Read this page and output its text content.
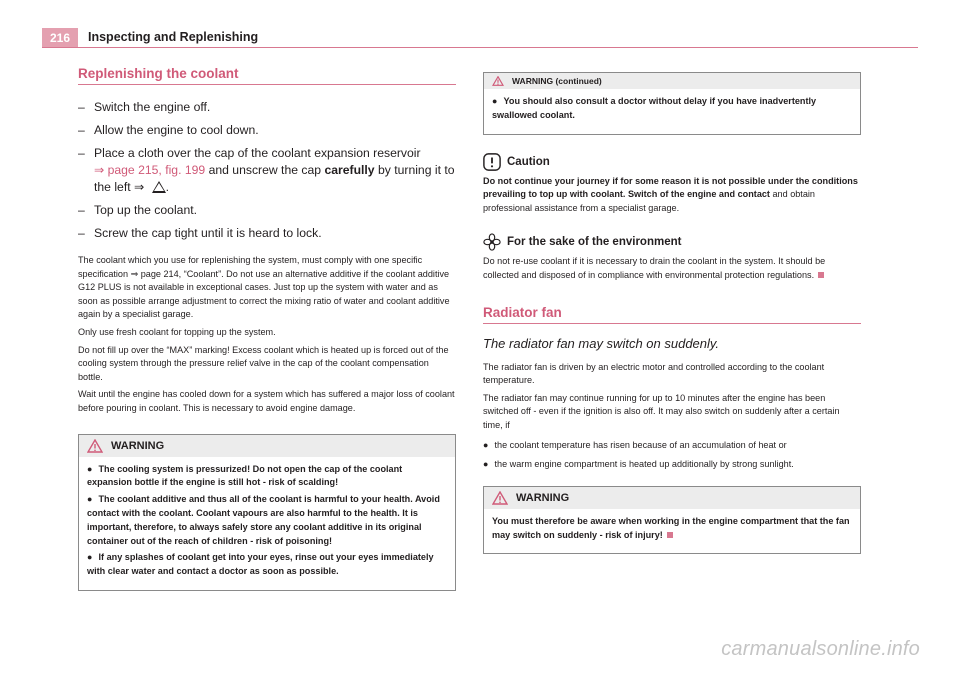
216	Inspecting and Replenishing
Replenishing the coolant
– Switch the engine off.
– Allow the engine to cool down.
– Place a cloth over the cap of the coolant expansion reservoir
⇒ page 215, fig. 199 and unscrew the cap carefully by turning it to the left ⇒ .
– Top up the coolant.
– Screw the cap tight until it is heard to lock.

The coolant which you use for replenishing the system, must comply with one specific specification ⇒ page 214, “Coolant”. Do not use an alternative additive if the coolant additive G12 PLUS is not available in exceptional cases. Just top up the system with water and as soon as possible arrange adjustment to correct the mixing ratio of water and coolant additive again by a specialist garage.

Only use fresh coolant for topping up the system.

Do not fill up over the “MAX” marking! Excess coolant which is heated up is forced out of the cooling system through the pressure relief valve in the cap of the coolant compensation bottle.

Wait until the engine has cooled down for a system which has suffered a major loss of coolant before pouring in coolant. This is necessary to avoid engine damage.

WARNING

● The cooling system is pressurized! Do not open the cap of the coolant expansion bottle if the engine is still hot - risk of scalding!

● The coolant additive and thus all of the coolant is harmful to your health. Avoid contact with the coolant. Coolant vapours are also harmful to the health. It is important, therefore, to always safely store any coolant additive in its original container out of the reach of children - risk of poisoning!

● If any splashes of coolant get into your eyes, rinse out your eyes immediately with clear water and contact a doctor as soon as possible.

WARNING (continued)

● You should also consult a doctor without delay if you have inadvertently swallowed coolant.

Caution

Do not continue your journey if for some reason it is not possible under the conditions prevailing to top up with coolant. Switch of the engine and contact and obtain professional assistance from a specialist garage.

For the sake of the environment

Do not re-use coolant if it is necessary to drain the coolant in the system. It should be collected and disposed of in compliance with environmental protection regulations.

Radiator fan

The radiator fan may switch on suddenly.

The radiator fan is driven by an electric motor and controlled according to the coolant temperature.

The radiator fan may continue running for up to 10 minutes after the engine has been switched off - even if the ignition is also off. It may also switch on suddenly after a certain time, if

● the coolant temperature has risen because of an accumulation of heat or

● the warm engine compartment is heated up additionally by strong sunlight.

WARNING

You must therefore be aware when working in the engine compartment that the fan may switch on suddenly - risk of injury!

carmanualsonline.info
